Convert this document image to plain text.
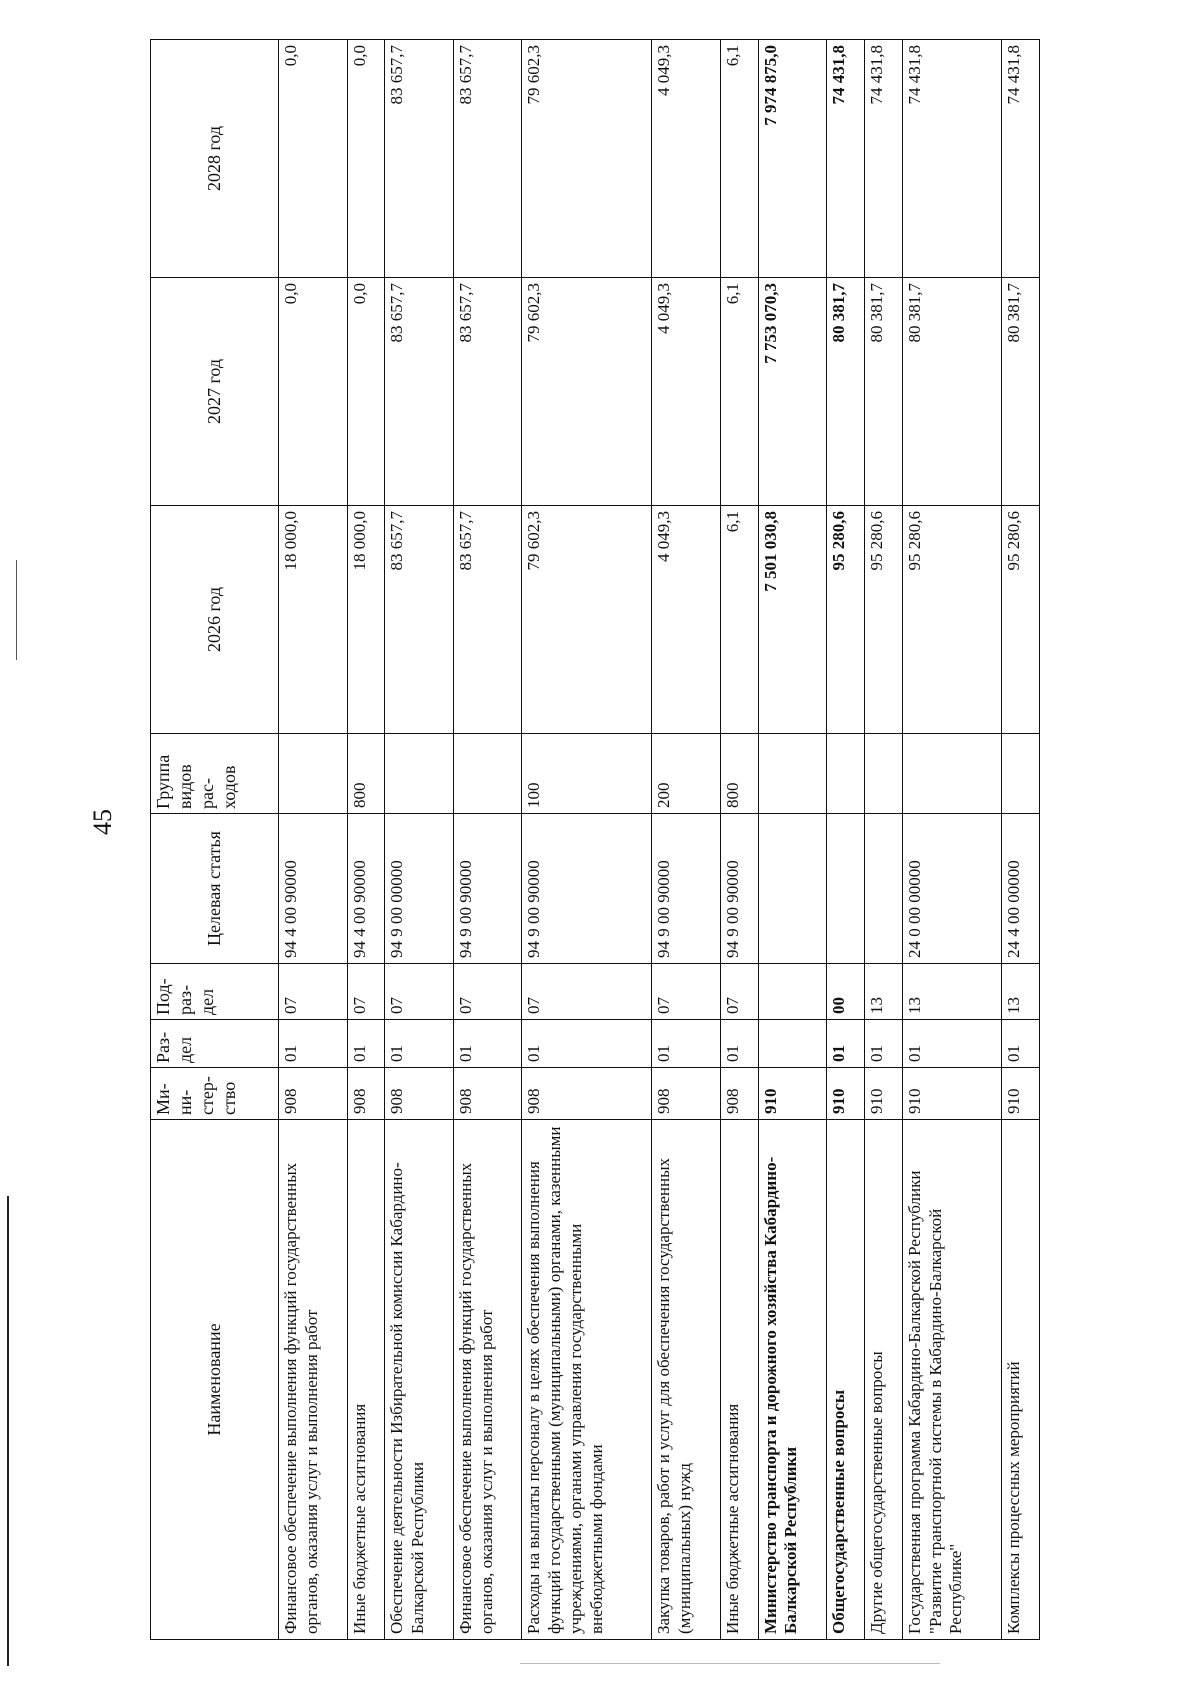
45
Наименование	Ми-ни-стер-ство	Раз-дел	Под-раз-дел	Целевая статья	Группа видов рас-ходов	2026 год	2027 год	2028 год
Финансовое обеспечение выполнения функций государственных органов, оказания услуг и выполнения работ	908	01	07	94 4 00 90000		18 000,0	0,0	0,0
Иные бюджетные ассигнования	908	01	07	94 4 00 90000	800	18 000,0	0,0	0,0
Обеспечение деятельности Избирательной комиссии Кабардино-Балкарской Республики	908	01	07	94 9 00 00000		83 657,7	83 657,7	83 657,7
Финансовое обеспечение выполнения функций государственных органов, оказания услуг и выполнения работ	908	01	07	94 9 00 90000		83 657,7	83 657,7	83 657,7
Расходы на выплаты персоналу в целях обеспечения выполнения функций государственными (муниципальными) органами, казенными учреждениями, органами управления государственными внебюджетными фондами	908	01	07	94 9 00 90000	100	79 602,3	79 602,3	79 602,3
Закупка товаров, работ и услуг для обеспечения государственных (муниципальных) нужд	908	01	07	94 9 00 90000	200	4 049,3	4 049,3	4 049,3
Иные бюджетные ассигнования	908	01	07	94 9 00 90000	800	6,1	6,1	6,1
Министерство транспорта и дорожного хозяйства Кабардино-Балкарской Республики	910					7 501 030,8	7 753 070,3	7 974 875,0
Общегосударственные вопросы	910	01	00			95 280,6	80 381,7	74 431,8
Другие общегосударственные вопросы	910	01	13			95 280,6	80 381,7	74 431,8
Государственная программа Кабардино-Балкарской Республики "Развитие транспортной системы в Кабардино-Балкарской Республике"	910	01	13	24 0 00 00000		95 280,6	80 381,7	74 431,8
Комплексы процессных мероприятий	910	01	13	24 4 00 00000		95 280,6	80 381,7	74 431,8
